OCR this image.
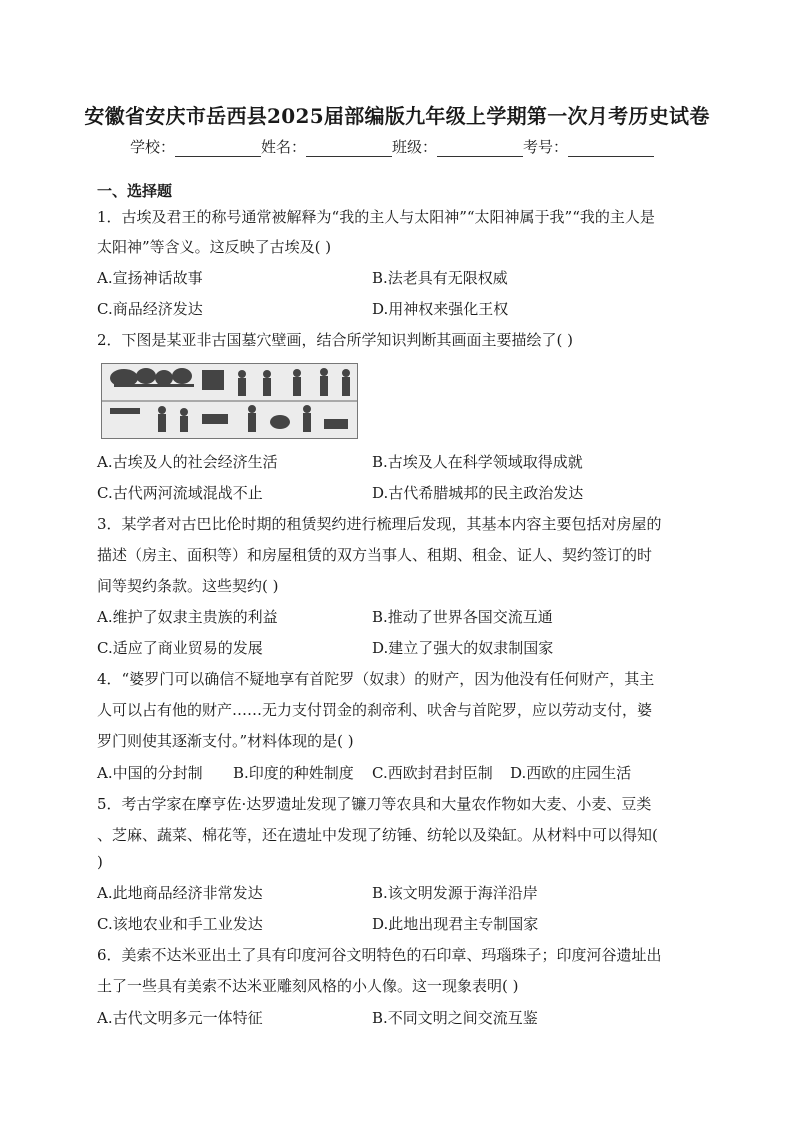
安徽省安庆市岳西县2025届部编版九年级上学期第一次月考历史试卷
学校：	姓名：	班级：	考号：
一、选择题
1．古埃及君王的称号通常被解释为“我的主人与太阳神”“太阳神属于我”“我的主人是
太阳神”等含义。这反映了古埃及( )
A.宣扬神话故事	B.法老具有无限权威
C.商品经济发达	D.用神权来强化王权
2．下图是某亚非古国墓穴壁画，结合所学知识判断其画面主要描绘了( )
A.古埃及人的社会经济生活	B.古埃及人在科学领域取得成就
C.古代两河流域混战不止	D.古代希腊城邦的民主政治发达
3．某学者对古巴比伦时期的租赁契约进行梳理后发现，其基本内容主要包括对房屋的
描述（房主、面积等）和房屋租赁的双方当事人、租期、租金、证人、契约签订的时
间等契约条款。这些契约( )
A.维护了奴隶主贵族的利益	B.推动了世界各国交流互通
C.适应了商业贸易的发展	D.建立了强大的奴隶制国家
4．“婆罗门可以确信不疑地享有首陀罗（奴隶）的财产，因为他没有任何财产，其主
人可以占有他的财产……无力支付罚金的刹帝利、吠舍与首陀罗，应以劳动支付，婆
罗门则使其逐渐支付。”材料体现的是( )
A.中国的分封制 B.印度的种姓制度 C.西欧封君封臣制 D.西欧的庄园生活
5．考古学家在摩亨佐·达罗遗址发现了镰刀等农具和大量农作物如大麦、小麦、豆类
、芝麻、蔬菜、棉花等，还在遗址中发现了纺锤、纺轮以及染缸。从材料中可以得知(
)
A.此地商品经济非常发达	B.该文明发源于海洋沿岸
C.该地农业和手工业发达	D.此地出现君主专制国家
6．美索不达米亚出土了具有印度河谷文明特色的石印章、玛瑙珠子；印度河谷遗址出
土了一些具有美索不达米亚雕刻风格的小人像。这一现象表明( )
A.古代文明多元一体特征	B.不同文明之间交流互鉴
